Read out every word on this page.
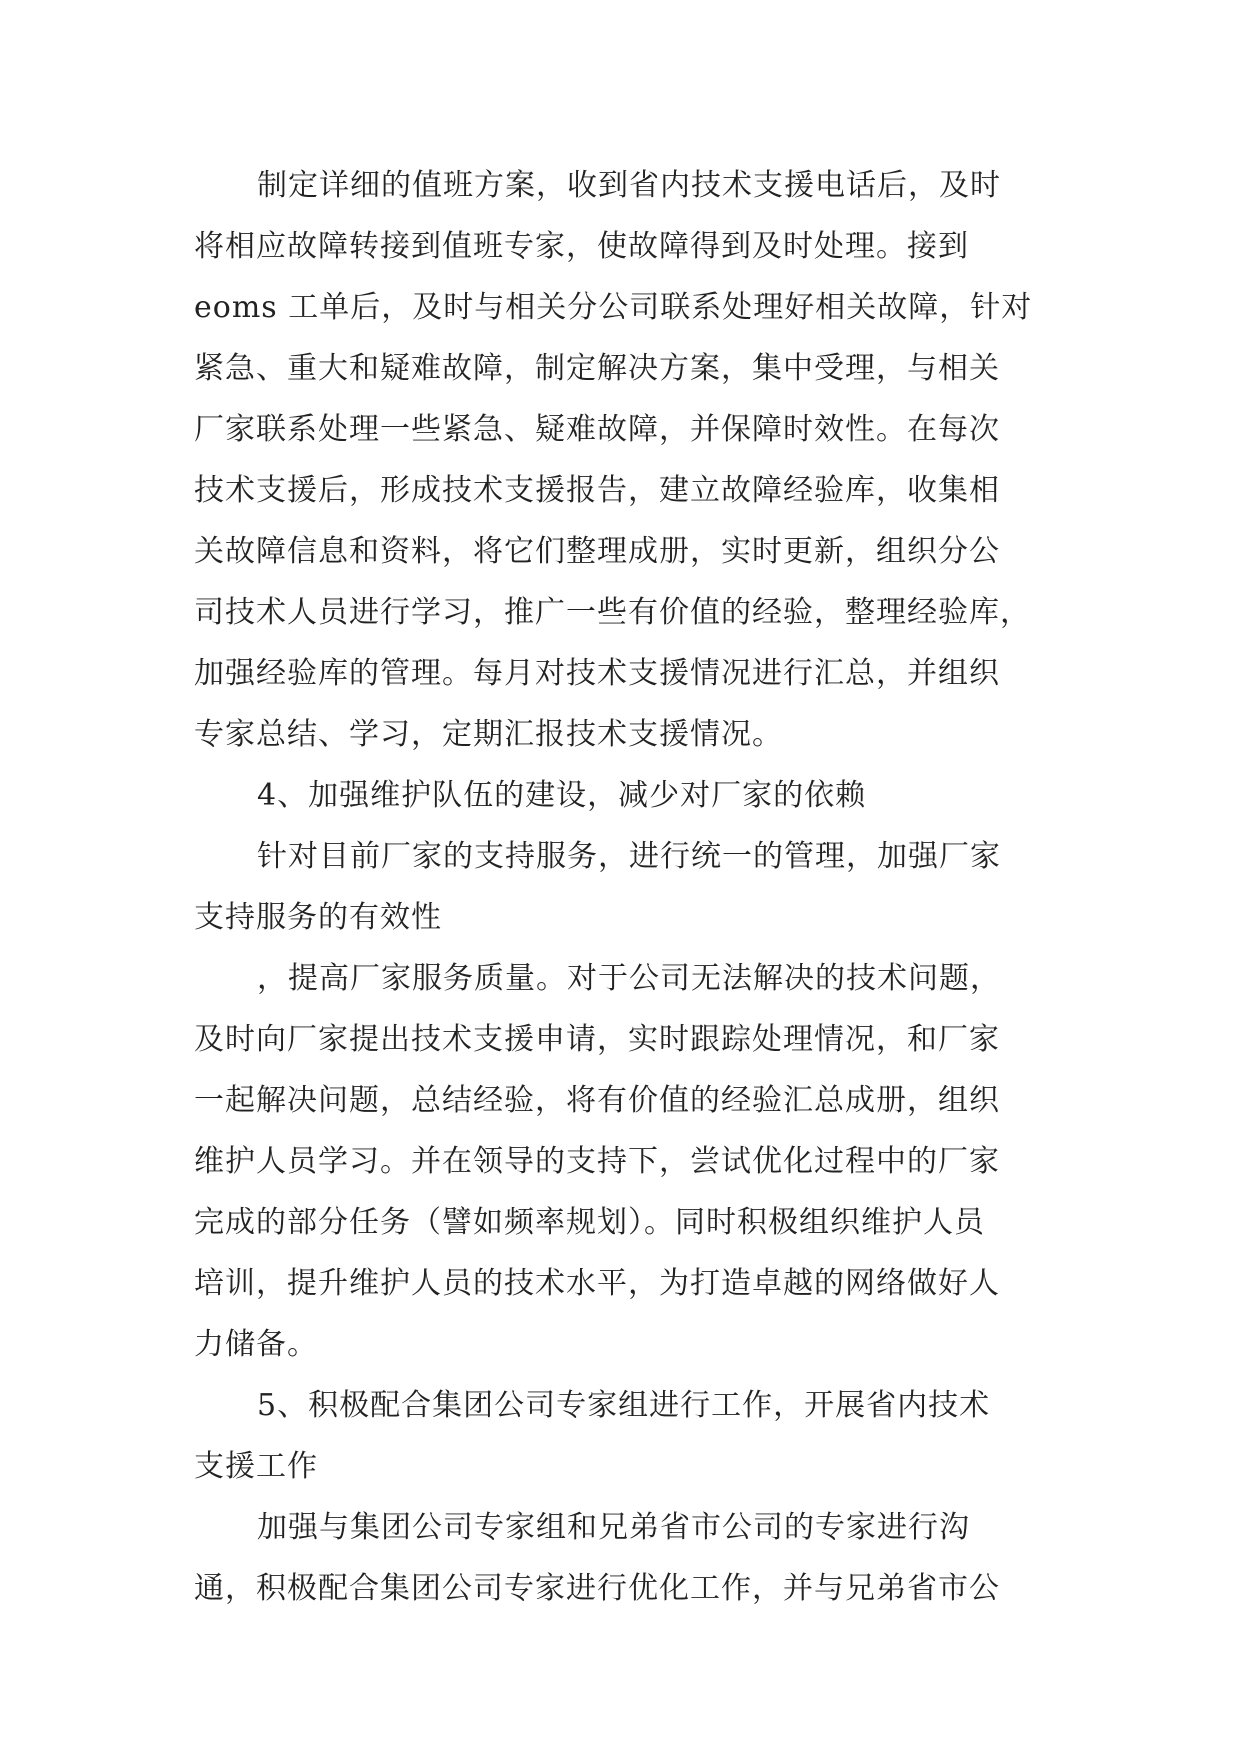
制定详细的值班方案，收到省内技术支援电话后，及时
将相应故障转接到值班专家，使故障得到及时处理。接到
eoms 工单后，及时与相关分公司联系处理好相关故障，针对
紧急、重大和疑难故障，制定解决方案，集中受理，与相关
厂家联系处理一些紧急、疑难故障，并保障时效性。在每次
技术支援后，形成技术支援报告，建立故障经验库，收集相
关故障信息和资料，将它们整理成册，实时更新，组织分公
司技术人员进行学习，推广一些有价值的经验，整理经验库，
加强经验库的管理。每月对技术支援情况进行汇总，并组织
专家总结、学习，定期汇报技术支援情况。
4、加强维护队伍的建设，减少对厂家的依赖
针对目前厂家的支持服务，进行统一的管理，加强厂家
支持服务的有效性
，提高厂家服务质量。对于公司无法解决的技术问题，
及时向厂家提出技术支援申请，实时跟踪处理情况，和厂家
一起解决问题，总结经验，将有价值的经验汇总成册，组织
维护人员学习。并在领导的支持下，尝试优化过程中的厂家
完成的部分任务（譬如频率规划）。同时积极组织维护人员
培训，提升维护人员的技术水平，为打造卓越的网络做好人
力储备。
5、积极配合集团公司专家组进行工作，开展省内技术
支援工作
加强与集团公司专家组和兄弟省市公司的专家进行沟
通，积极配合集团公司专家进行优化工作，并与兄弟省市公
